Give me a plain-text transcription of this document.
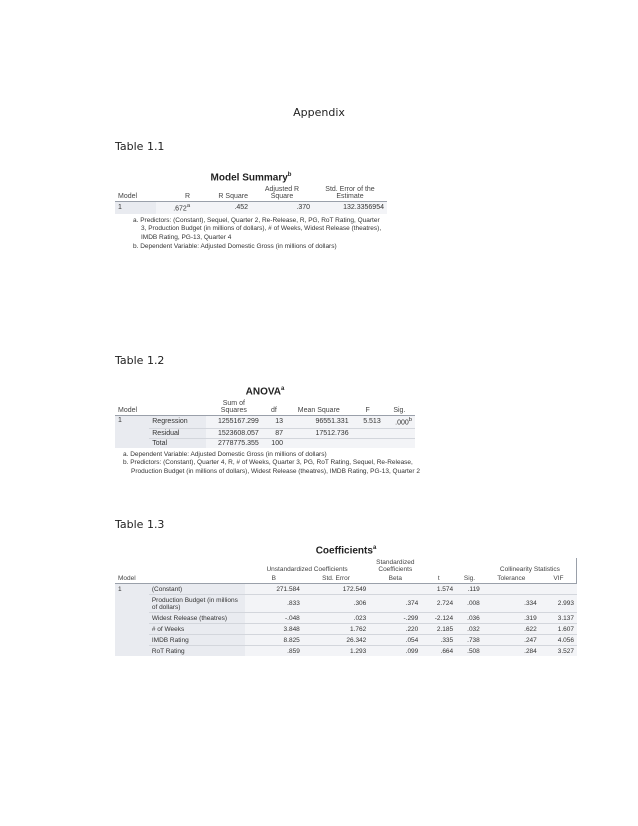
Appendix
Table 1.1
Table 1.2
Table 1.3
Model Summary$^b$
Model	R	R Square	Adjusted R Square	Std. Error of the Estimate
1	.672$^a$	.452	.370	132.3356954
a. Predictors: (Constant), Sequel, Quarter 2, Re-Release, R, PG, RoT Rating, Quarter 3, Production Budget (in millions of dollars), # of Weeks, Widest Release (theatres), IMDB Rating, PG-13, Quarter 4
b. Dependent Variable: Adjusted Domestic Gross (in millions of dollars)
ANOVA$^a$
Model		Sum of Squares	df	Mean Square	F	Sig.
1	Regression	1255167.299	13	96551.331	5.513	.000$^b$
	Residual	1523608.057	87	17512.736		
	Total	2778775.355	100			
a. Dependent Variable: Adjusted Domestic Gross (in millions of dollars)
b. Predictors: (Constant), Quarter 4, R, # of Weeks, Quarter 3, PG, RoT Rating, Sequel, Re-Release, Production Budget (in millions of dollars), Widest Release (theatres), IMDB Rating, PG-13, Quarter 2
Coefficients$^a$
		Unstandardized Coefficients		Standardized Coefficients			Collinearity Statistics	
Model		B	Std. Error	Beta	t	Sig.	Tolerance	VIF
1	(Constant)	271.584	172.549		1.574	.119		
	Production Budget (in millions of dollars)	.833	.306	.374	2.724	.008	.334	2.993
	Widest Release (theatres)	-.048	.023	-.299	-2.124	.036	.319	3.137
	# of Weeks	3.848	1.762	.220	2.185	.032	.622	1.607
	IMDB Rating	8.825	26.342	.054	.335	.738	.247	4.056
	RoT Rating	.859	1.293	.099	.664	.508	.284	3.527
